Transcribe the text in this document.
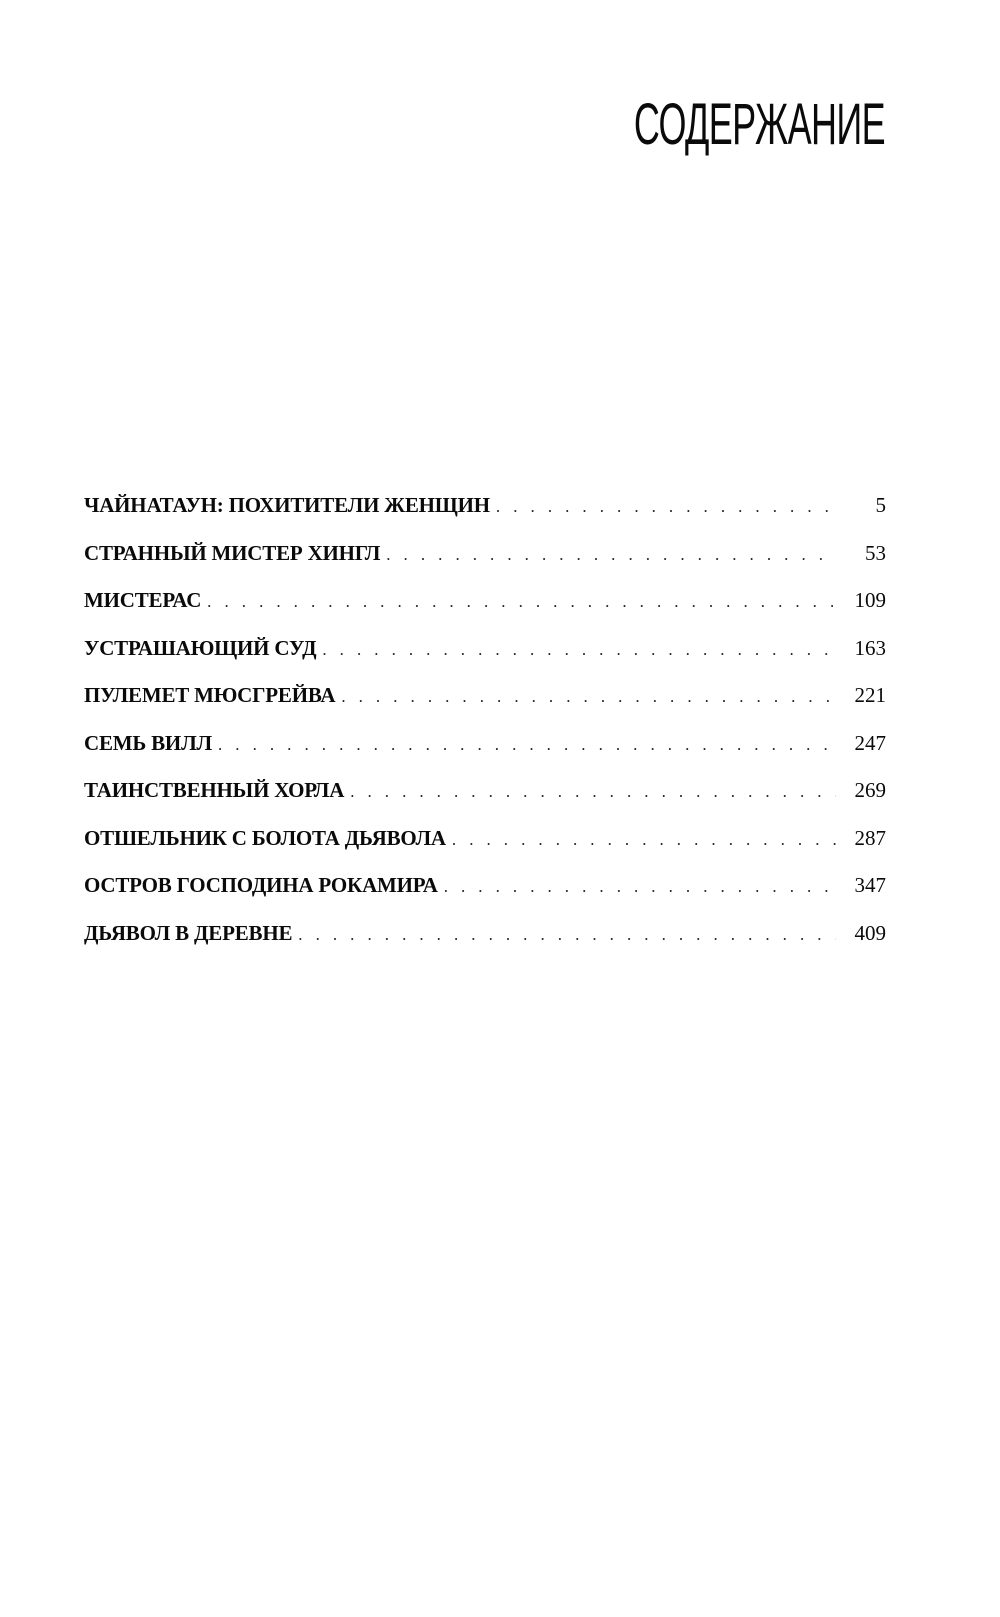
СОДЕРЖАНИЕ
ЧАЙНАТАУН: ПОХИТИТЕЛИ ЖЕНЩИН . . .	5
СТРАННЫЙ МИСТЕР ХИНГЛ . . .	53
МИСТЕРАС . . .	109
УСТРАШАЮЩИЙ СУД . . .	163
ПУЛЕМЕТ МЮСГРЕЙВА . . .	221
СЕМЬ ВИЛЛ . . .	247
ТАИНСТВЕННЫЙ ХОРЛА . . .	269
ОТШЕЛЬНИК С БОЛОТА ДЬЯВОЛА . . .	287
ОСТРОВ ГОСПОДИНА РОКАМИРА . . .	347
ДЬЯВОЛ В ДЕРЕВНЕ . . .	409
